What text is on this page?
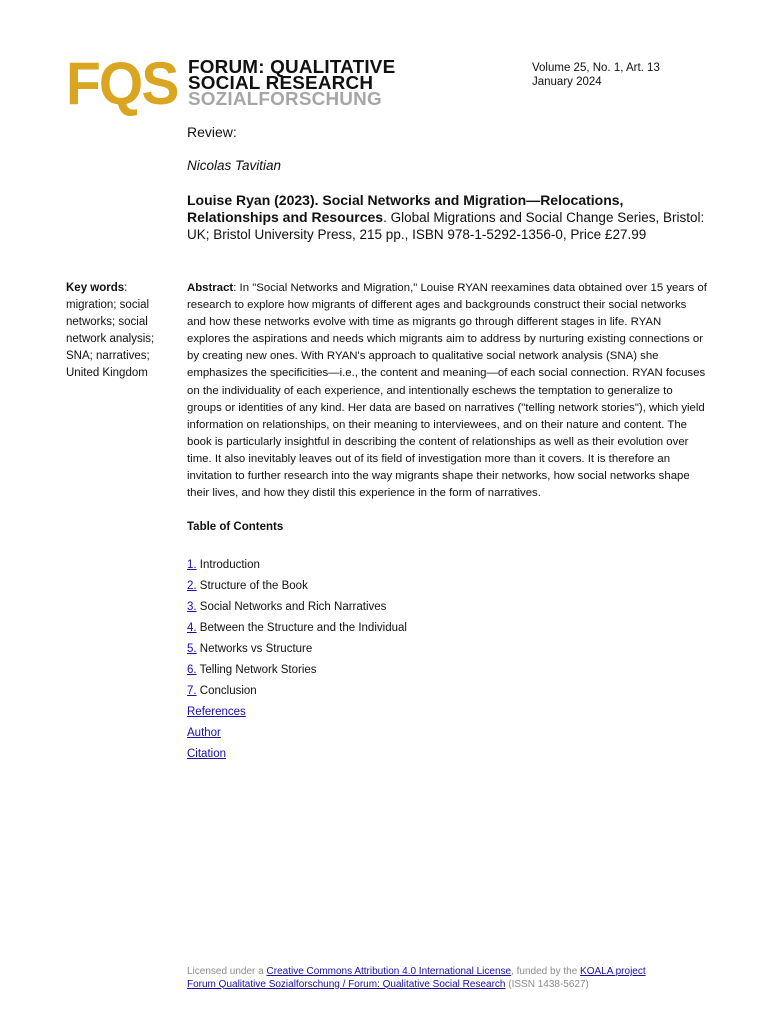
FQS FORUM: QUALITATIVE
SOCIAL RESEARCH
SOZIALFORSCHUNG
Volume 25, No. 1, Art. 13
January 2024
Review:
Nicolas Tavitian
Louise Ryan (2023). Social Networks and Migration—Relocations, Relationships and Resources. Global Migrations and Social Change Series, Bristol: UK; Bristol University Press, 215 pp., ISBN 978-1-5292-1356-0, Price £27.99
Key words: migration; social networks; social network analysis; SNA; narratives; United Kingdom
Abstract: In "Social Networks and Migration," Louise RYAN reexamines data obtained over 15 years of research to explore how migrants of different ages and backgrounds construct their social networks and how these networks evolve with time as migrants go through different stages in life. RYAN explores the aspirations and needs which migrants aim to address by nurturing existing connections or by creating new ones. With RYAN's approach to qualitative social network analysis (SNA) she emphasizes the specificities—i.e., the content and meaning—of each social connection. RYAN focuses on the individuality of each experience, and intentionally eschews the temptation to generalize to groups or identities of any kind. Her data are based on narratives ("telling network stories"), which yield information on relationships, on their meaning to interviewees, and on their nature and content. The book is particularly insightful in describing the content of relationships as well as their evolution over time. It also inevitably leaves out of its field of investigation more than it covers. It is therefore an invitation to further research into the way migrants shape their networks, how social networks shape their lives, and how they distil this experience in the form of narratives.
Table of Contents
1. Introduction
2. Structure of the Book
3. Social Networks and Rich Narratives
4. Between the Structure and the Individual
5. Networks vs Structure
6. Telling Network Stories
7. Conclusion
References
Author
Citation
Licensed under a Creative Commons Attribution 4.0 International License, funded by the KOALA project
Forum Qualitative Sozialforschung / Forum: Qualitative Social Research (ISSN 1438-5627)
